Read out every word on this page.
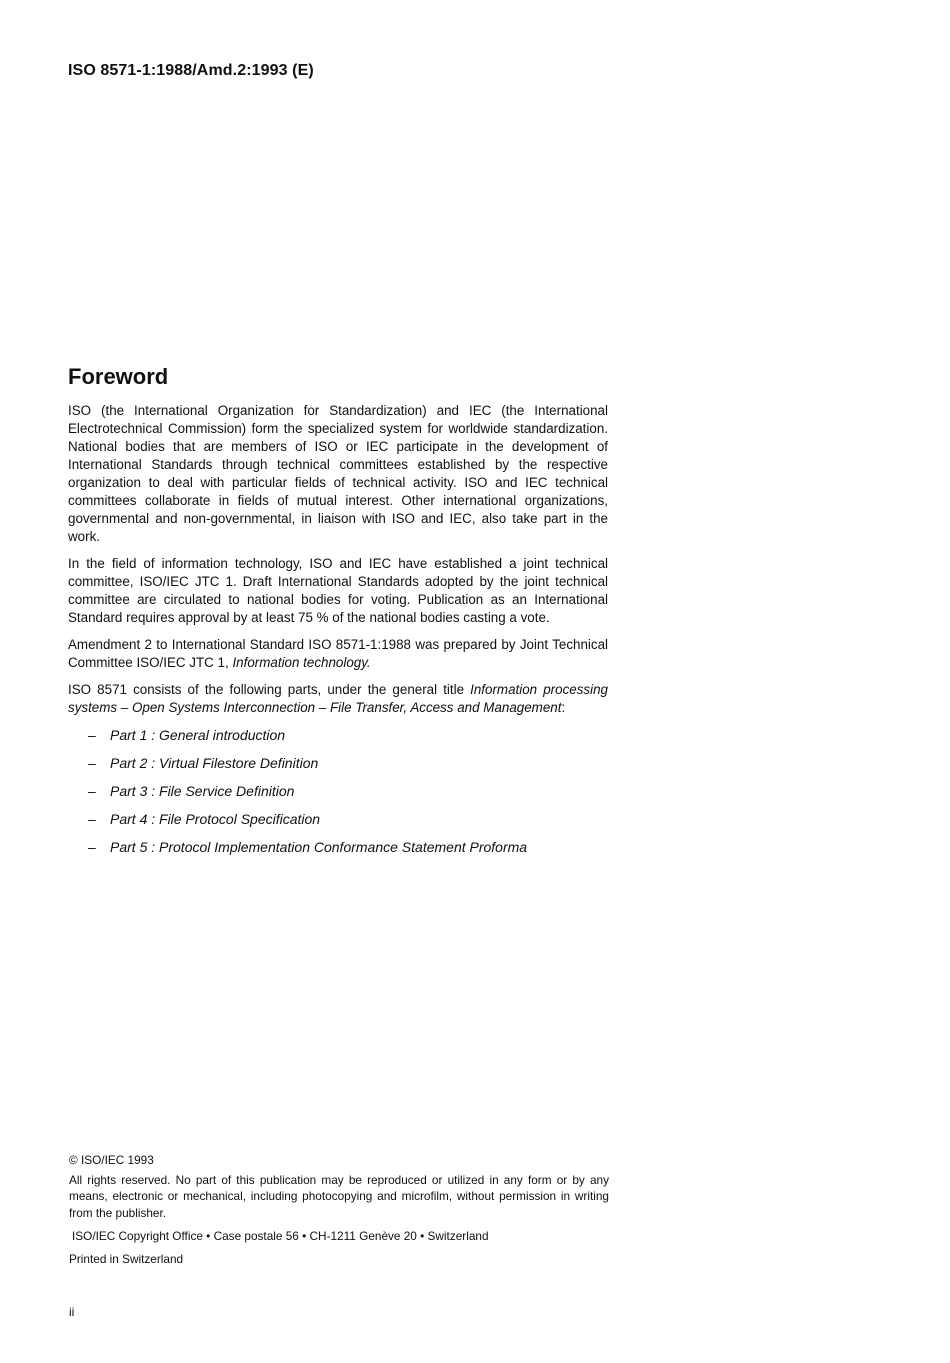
ISO 8571-1:1988/Amd.2:1993 (E)
Foreword

ISO (the International Organization for Standardization) and IEC (the International Electrotechnical Commission) form the specialized system for worldwide standardization. National bodies that are members of ISO or IEC participate in the development of International Standards through technical committees established by the respective organization to deal with particular fields of technical activity. ISO and IEC technical committees collaborate in fields of mutual interest. Other international organizations, governmental and non-governmental, in liaison with ISO and IEC, also take part in the work.

In the field of information technology, ISO and IEC have established a joint technical committee, ISO/IEC JTC 1. Draft International Standards adopted by the joint technical committee are circulated to national bodies for voting. Publication as an International Standard requires approval by at least 75 % of the national bodies casting a vote.

Amendment 2 to International Standard ISO 8571-1:1988 was prepared by Joint Technical Committee ISO/IEC JTC 1, Information technology.

ISO 8571 consists of the following parts, under the general title Information processing systems – Open Systems Interconnection – File Transfer, Access and Management:

– Part 1 : General introduction
– Part 2 : Virtual Filestore Definition
– Part 3 : File Service Definition
– Part 4 : File Protocol Specification
– Part 5 : Protocol Implementation Conformance Statement Proforma

© ISO/IEC 1993

All rights reserved. No part of this publication may be reproduced or utilized in any form or by any means, electronic or mechanical, including photocopying and microfilm, without permission in writing from the publisher.

ISO/IEC Copyright Office • Case postale 56 • CH-1211 Genève 20 • Switzerland

Printed in Switzerland

ii
